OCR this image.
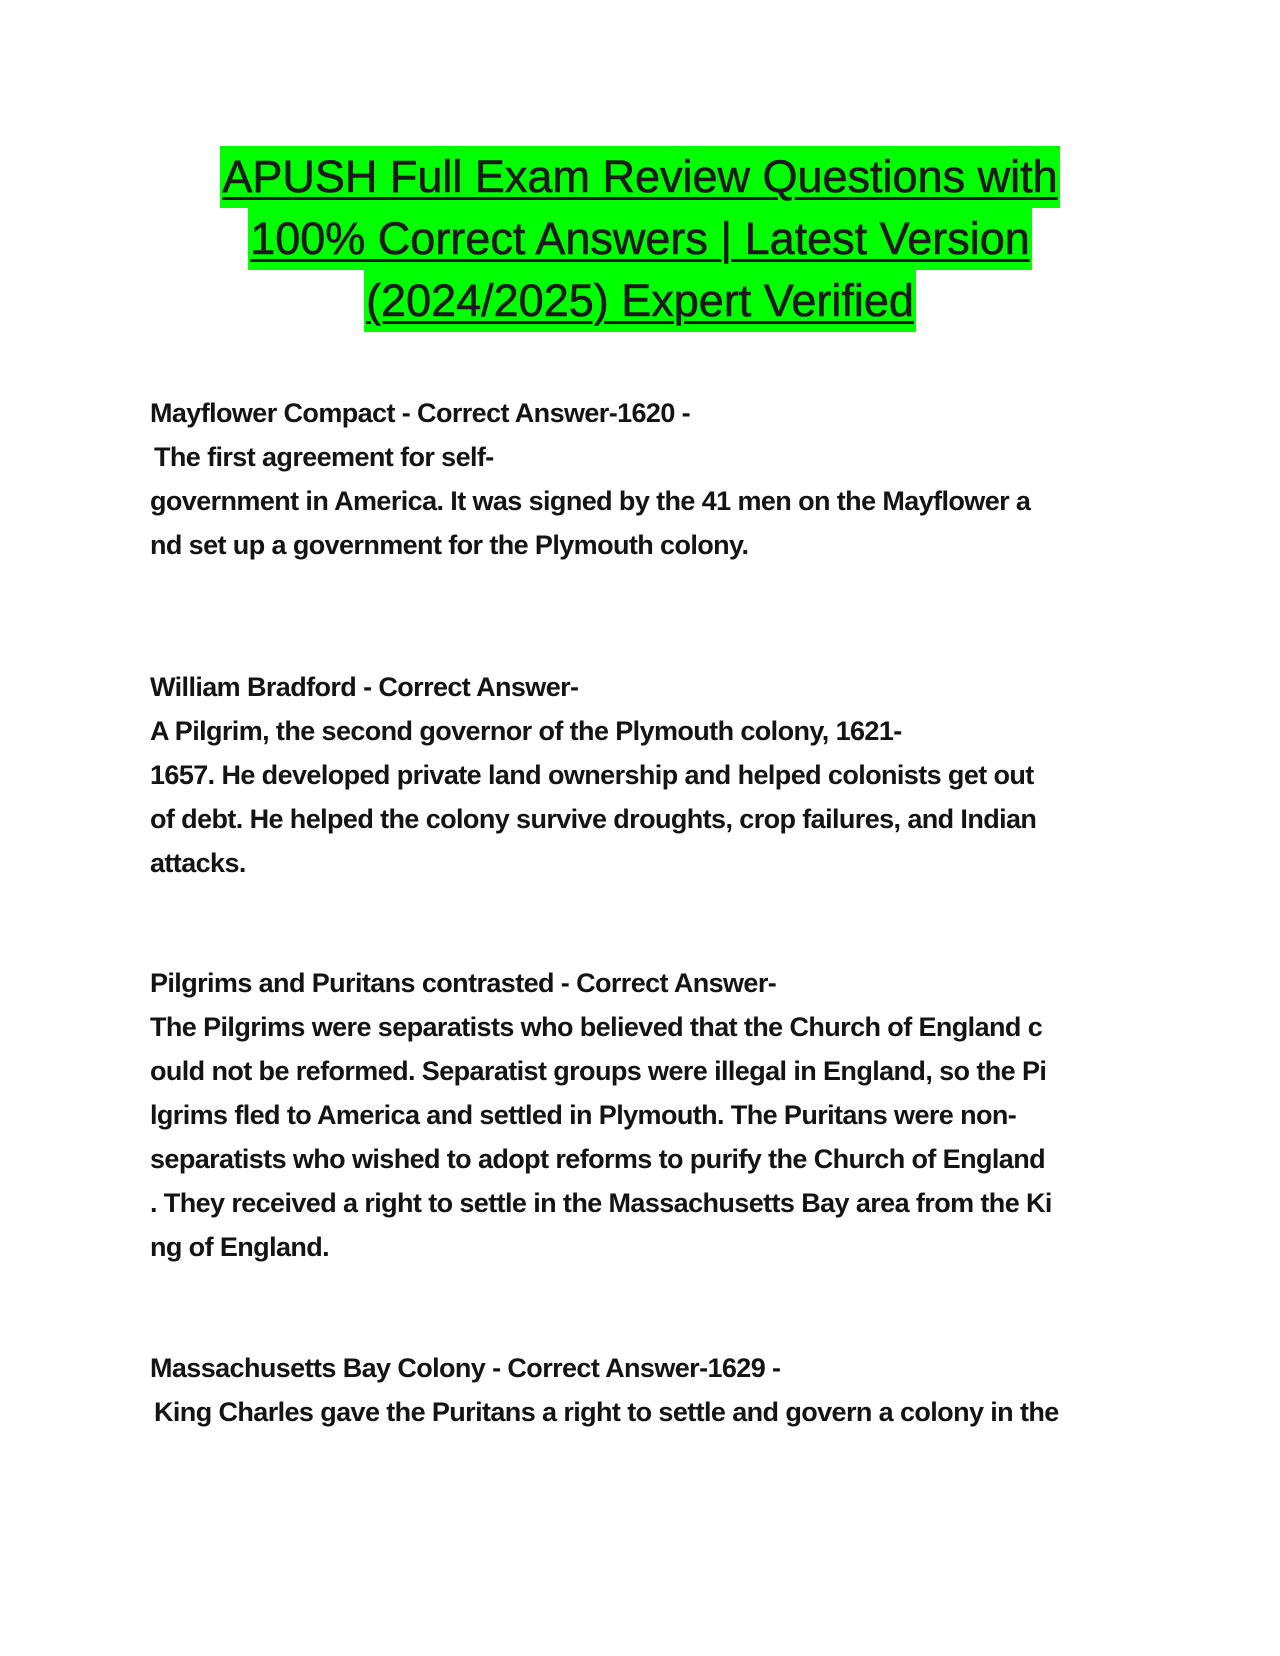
APUSH Full Exam Review Questions with
100% Correct Answers | Latest Version
(2024/2025) Expert Verified
Mayflower Compact - Correct Answer-1620 -
The first agreement for self-
government in America. It was signed by the 41 men on the Mayflower a
nd set up a government for the Plymouth colony.
William Bradford - Correct Answer-
A Pilgrim, the second governor of the Plymouth colony, 1621-
1657. He developed private land ownership and helped colonists get out
of debt. He helped the colony survive droughts, crop failures, and Indian
attacks.
Pilgrims and Puritans contrasted - Correct Answer-
The Pilgrims were separatists who believed that the Church of England c
ould not be reformed. Separatist groups were illegal in England, so the Pi
lgrims fled to America and settled in Plymouth. The Puritans were non-
separatists who wished to adopt reforms to purify the Church of England
. They received a right to settle in the Massachusetts Bay area from the Ki
ng of England.
Massachusetts Bay Colony - Correct Answer-1629 -
King Charles gave the Puritans a right to settle and govern a colony in the
